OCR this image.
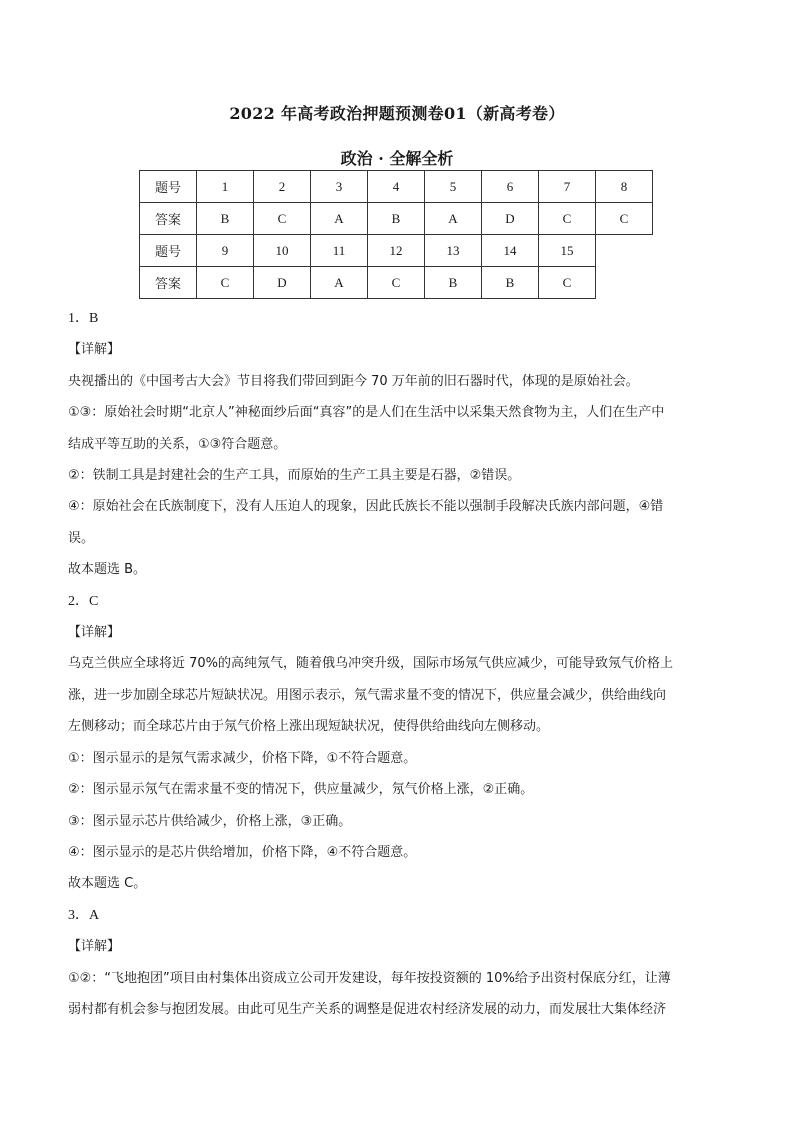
2022 年高考政治押题预测卷01（新高考卷）
政治 · 全解全析
题号	1	2	3	4	5	6	7	8
答案	B	C	A	B	A	D	C	C
题号	9	10	11	12	13	14	15	
答案	C	D	A	C	B	B	C	

1．B

【详解】

央视播出的《中国考古大会》节目将我们带回到距今 70 万年前的旧石器时代，体现的是原始社会。

①③：原始社会时期“北京人”神秘面纱后面“真容”的是人们在生活中以采集天然食物为主，人们在生产中

结成平等互助的关系，①③符合题意。

②：铁制工具是封建社会的生产工具，而原始的生产工具主要是石器，②错误。

④：原始社会在氏族制度下，没有人压迫人的现象，因此氏族长不能以强制手段解决氏族内部问题，④错

误。

故本题选 B。

2．C

【详解】

乌克兰供应全球将近 70%的高纯氖气，随着俄乌冲突升级，国际市场氖气供应减少，可能导致氖气价格上

涨，进一步加剧全球芯片短缺状况。用图示表示，氖气需求量不变的情况下，供应量会减少，供给曲线向

左侧移动；而全球芯片由于氖气价格上涨出现短缺状况，使得供给曲线向左侧移动。

①：图示显示的是氖气需求减少，价格下降，①不符合题意。

②：图示显示氖气在需求量不变的情况下，供应量减少，氖气价格上涨，②正确。

③：图示显示芯片供给减少，价格上涨，③正确。

④：图示显示的是芯片供给增加，价格下降，④不符合题意。

故本题选 C。

3．A

【详解】

①②：“飞地抱团”项目由村集体出资成立公司开发建设，每年按投资额的 10%给予出资村保底分红，让薄

弱村都有机会参与抱团发展。由此可见生产关系的调整是促进农村经济发展的动力，而发展壮大集体经济
